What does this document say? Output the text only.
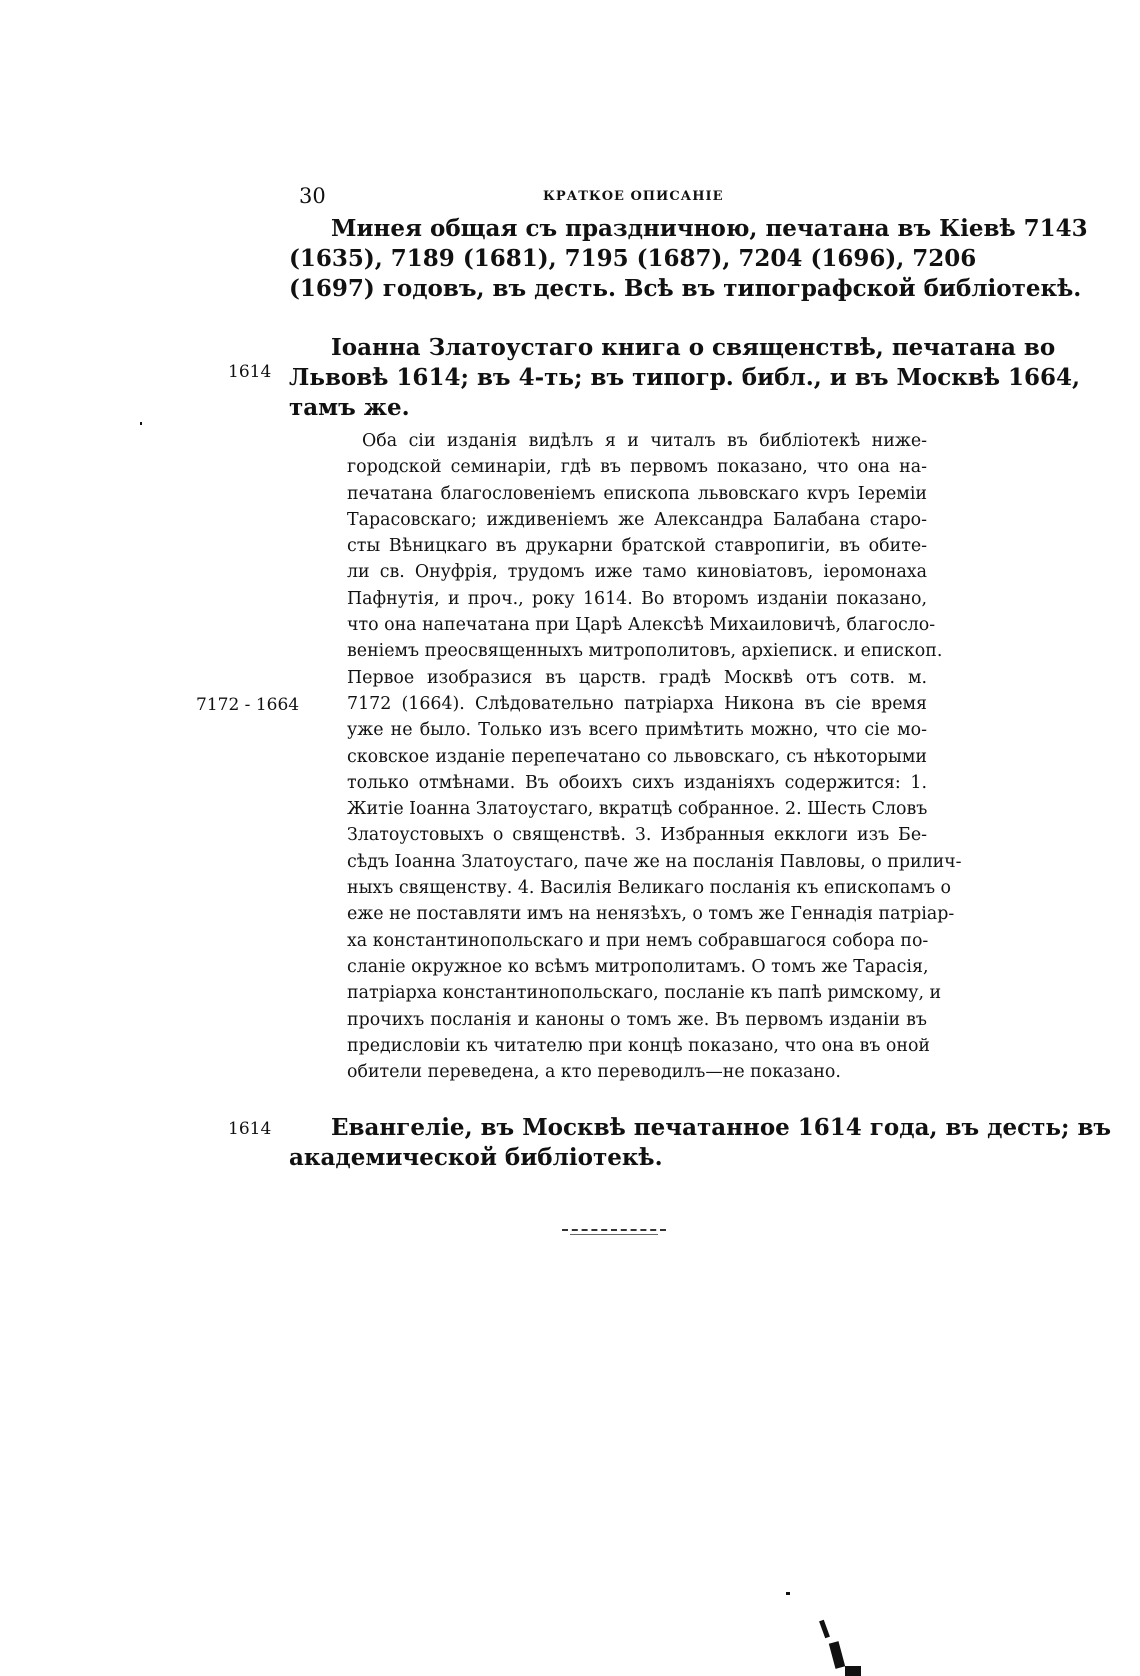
30	КРАТКОЕ ОПИСАНІЕ
Минея общая съ праздничною, печатана въ Кіевѣ 7143
(1635), 7189 (1681), 7195 (1687), 7204 (1696), 7206
(1697) годовъ, въ десть. Всѣ въ типографской библіотекѣ.
1614
Іоанна Златоустаго книга о священствѣ, печатана во
Львовѣ 1614; въ 4-ть; въ типогр. библ., и въ Москвѣ 1664,
тамъ же.
7172 - 1664
Оба сіи изданія видѣлъ я и читалъ въ библіотекѣ ниже-
городской семинаріи, гдѣ въ первомъ показано, что она на-
печатана благословеніемъ епископа львовскаго кvръ Іереміи
Тарасовскаго; иждивеніемъ же Александра Балабана старо-
сты Вѣницкаго въ друкарни братской ставропигіи, въ обите-
ли св. Онуфрія, трудомъ иже тамо киновіатовъ, іеромонаха
Пафнутія, и проч., року 1614. Во второмъ изданіи показано,
что она напечатана при Царѣ Алексѣѣ Михаиловичѣ, благосло-
веніемъ преосвященныхъ митрополитовъ, архіеписк. и епископ.
Первое изобразися въ царств. градѣ Москвѣ отъ сотв. м.
7172 (1664). Слѣдовательно патріарха Никона въ сіе время
уже не было. Только изъ всего примѣтить можно, что сіе мо-
сковское изданіе перепечатано со львовскаго, съ нѣкоторыми
только отмѣнами. Въ обоихъ сихъ изданіяхъ содержится: 1.
Житіе Іоанна Златоустаго, вкратцѣ собранное. 2. Шесть Словъ
Златоустовыхъ о священствѣ. 3. Избранныя екклоги изъ Бе-
сѣдъ Іоанна Златоустаго, паче же на посланія Павловы, о прилич-
ныхъ священству. 4. Василія Великаго посланія къ епископамъ о
еже не поставляти имъ на ненязѣхъ, о томъ же Геннадія патріар-
ха константинопольскаго и при немъ собравшагося собора по-
сланіе окружное ко всѣмъ митрополитамъ. О томъ же Тарасія,
патріарха константинопольскаго, посланіе къ папѣ римскому, и
прочихъ посланія и каноны о томъ же. Въ первомъ изданіи въ
предисловіи къ читателю при концѣ показано, что она въ оной
обители переведена, а кто переводилъ—не показано.
1614	Евангеліе, въ Москвѣ печатанное 1614 года, въ десть; въ
академической библіотекѣ.
